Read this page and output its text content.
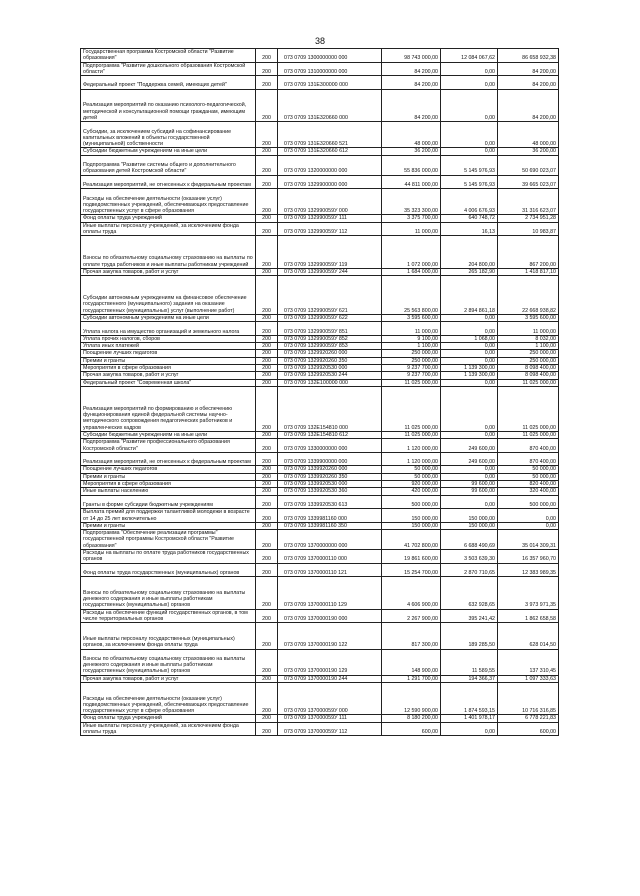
38
Государственная программа Костромской области "Развитие образования"	200	073 0709 1300000000 000	98 743 000,00	12 084 067,62	86 658 932,38
Подпрограмма "Развитие дошкольного образования Костромской области"	200	073 0709 1310000000 000	84 200,00	0,00	84 200,00
Федеральный проект "Поддержка семей, имеющих детей"	200	073 0709 131E300000 000	84 200,00	0,00	84 200,00
Реализация мероприятий по оказанию психолого-педагогической, методической и консультационной помощи гражданам, имеющим детей	200	073 0709 131E320660 000	84 200,00	0,00	84 200,00
Субсидии, за исключением субсидий на софинансирование капитальных вложений в объекты государственной (муниципальной) собственности	200	073 0709 131E320660 521	48 000,00	0,00	48 000,00
Субсидии бюджетным учреждениям на иные цели	200	073 0709 131E320660 612	36 200,00	0,00	36 200,00
Подпрограмма "Развитие системы общего и дополнительного образования детей Костромской области"	200	073 0709 1320000000 000	55 836 000,00	5 145 976,93	50 690 023,07
Реализация мероприятий, не отнесенных к федеральным проектам	200	073 0709 1329900000 000	44 811 000,00	5 145 976,93	39 665 023,07
Расходы на обеспечение деятельности (оказание услуг) подведомственных учреждений, обеспечивающих предоставление государственных услуг в сфере образования	200	073 0709 132990059У 000	35 323 300,00	4 006 676,93	31 316 623,07
Фонд оплаты труда учреждений	200	073 0709 132990059У 111	3 375 700,00	640 748,72	2 734 951,28
Иные выплаты персоналу учреждений, за исключением фонда оплаты труда	200	073 0709 132990059У 112	11 000,00	16,13	10 983,87
Взносы по обязательному социальному страхованию на выплаты по оплате труда работников и иные выплаты работникам учреждений	200	073 0709 132990059У 119	1 072 000,00	204 800,00	867 200,00
Прочая закупка товаров, работ и услуг	200	073 0709 132990059У 244	1 684 000,00	265 182,90	1 418 817,10
Субсидии автономным учреждениям на финансовое обеспечение государственного (муниципального) задания на оказание государственных (муниципальных) услуг (выполнение работ)	200	073 0709 132990059У 621	25 563 800,00	2 894 861,18	22 668 938,82
Субсидии автономным учреждениям на иные цели	200	073 0709 132990059У 622	3 595 600,00	0,00	3 595 600,00
Уплата налога на имущество организаций и земельного налога	200	073 0709 132990059У 851	11 000,00	0,00	11 000,00
Уплата прочих налогов, сборов	200	073 0709 132990059У 852	9 100,00	1 068,00	8 032,00
Уплата иных платежей	200	073 0709 132990059У 853	1 100,00	0,00	1 100,00
Поощрение лучших педагогов	200	073 0709 1329920260 000	250 000,00	0,00	250 000,00
Премии и гранты	200	073 0709 1329920260 350	250 000,00	0,00	250 000,00
Мероприятия в сфере образования	200	073 0709 1329920530 000	9 237 700,00	1 139 300,00	8 098 400,00
Прочая закупка товаров, работ и услуг	200	073 0709 1329920530 244	9 237 700,00	1 139 300,00	8 098 400,00
Федеральный проект "Современная школа"	200	073 0709 132E100000 000	11 025 000,00	0,00	11 025 000,00
Реализация мероприятий по формированию и обеспечению функционирования единой федеральной системы научно-методического сопровождения педагогических работников и управленческих кадров	200	073 0709 132E154810 000	11 025 000,00	0,00	11 025 000,00
Субсидии бюджетным учреждениям на иные цели	200	073 0709 132E154810 612	11 025 000,00	0,00	11 025 000,00
Подпрограмма "Развитие профессионального образования Костромской области"	200	073 0709 1330000000 000	1 120 000,00	249 600,00	870 400,00
Реализация мероприятий, не отнесенных к федеральным проектам	200	073 0709 1339900000 000	1 120 000,00	249 600,00	870 400,00
Поощрение лучших педагогов	200	073 0709 1339920260 000	50 000,00	0,00	50 000,00
Премии и гранты	200	073 0709 1339920260 350	50 000,00	0,00	50 000,00
Мероприятия в сфере образования	200	073 0709 1339920530 000	920 000,00	99 600,00	820 400,00
Иные выплаты населению	200	073 0709 1339920530 360	420 000,00	99 600,00	320 400,00
Гранты в форме субсидии бюджетным учреждениям	200	073 0709 1339920530 613	500 000,00	0,00	500 000,00
Выплата премий для поддержки талантливой молодежи в возрасте от 14 до 25 лет включительно	200	073 0709 1339981160 000	150 000,00	150 000,00	0,00
Премии и гранты	200	073 0709 1339981160 350	150 000,00	150 000,00	0,00
Подпрограмма "Обеспечение реализации программы" государственной программы Костромской области "Развитие образования"	200	073 0709 1370000000 000	41 702 800,00	6 688 490,69	35 014 309,31
Расходы на выплаты по оплате труда работников государственных органов	200	073 0709 1370000110 000	19 861 600,00	3 503 639,30	16 357 960,70
Фонд оплаты труда государственных (муниципальных) органов	200	073 0709 1370000110 121	15 254 700,00	2 870 710,65	12 383 989,35
Взносы по обязательному социальному страхованию на выплаты денежного содержания и иные выплаты работникам государственных (муниципальных) органов	200	073 0709 1370000110 129	4 606 900,00	632 928,65	3 973 971,35
Расходы на обеспечение функций государственных органов, в том числе территориальных органов	200	073 0709 1370000190 000	2 267 900,00	395 241,42	1 862 658,58
Иные выплаты персоналу государственных (муниципальных) органов, за исключением фонда оплаты труда	200	073 0709 1370000190 122	817 300,00	189 285,50	628 014,50
Взносы по обязательному социальному страхованию на выплаты денежного содержания и иные выплаты работникам государственных (муниципальных) органов	200	073 0709 1370000190 129	148 900,00	11 589,55	137 310,45
Прочая закупка товаров, работ и услуг	200	073 0709 1370000190 244	1 291 700,00	194 366,37	1 097 333,63
Расходы на обеспечение деятельности (оказание услуг) подведомственных учреждений, обеспечивающих предоставление государственных услуг в сфере образования	200	073 0709 137000059У 000	12 590 900,00	1 874 593,15	10 716 316,85
Фонд оплаты труда учреждений	200	073 0709 137000059У 111	8 180 200,00	1 401 978,17	6 778 221,83
Иные выплаты персоналу учреждений, за исключением фонда оплаты труда	200	073 0709 137000059У 112	600,00	0,00	600,00
